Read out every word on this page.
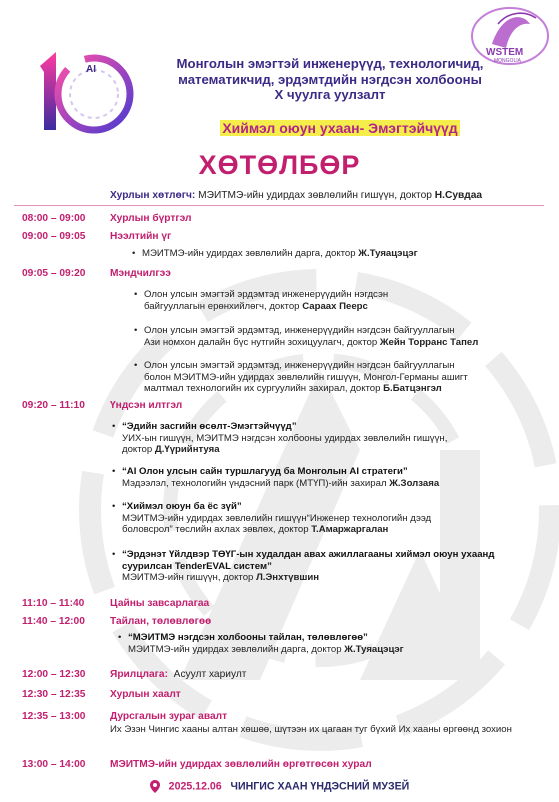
AI
WSTEM
MONGOLIA
Монголын эмэгтэй инженерүүд, технологичид,
математикчид, эрдэмтдийн нэгдсэн холбооны
X чуулга уулзалт
Хиймэл оюун ухаан- Эмэгтэйчүүд
ХӨТӨЛБӨР
Хурлын хөтлөгч: МЭИТМЭ-ийн удирдах зөвлөлийн гишүүн, доктор Н.Сувдаа
08:00 – 09:00 Хурлын бүртгэл
09:00 – 09:05 Нээлтийн үг
• МЭИТМЭ-ийн удирдах зөвлөлийн дарга, доктор Ж.Туяацэцэг
09:05 – 09:20 Мэндчилгээ
• Олон улсын эмэгтэй эрдэмтэд инженерүүдийн нэгдсэн
байгууллагын ерөнхийлөгч, доктор Сараах Пеерс
• Олон улсын эмэгтэй эрдэмтэд, инженерүүдийн нэгдсэн байгууллагын
Ази номхон далайн бүс нутгийн зохицуулагч, доктор Жейн Торранс Тапел
• Олон улсын эмэгтэй эрдэмтэд, инженерүүдийн нэгдсэн байгууллагын
болон МЭИТМЭ-ийн удирдах зөвлөлийн гишүүн, Монгол-Германы ашигт
малтмал технологийн их сургуулийн захирал, доктор Б.Батцэнгэл
09:20 – 11:10 Үндсэн илтгэл
• “Эдийн засгийн өсөлт-Эмэгтэйчүүд”
УИХ-ын гишүүн, МЭИТМЭ нэгдсэн холбооны удирдах зөвлөлийн гишүүн,
доктор Д.Үүрийнтуяа
• “AI Олон улсын сайн туршлагууд ба Монголын AI стратеги”
Мэдээлэл, технологийн үндэсний парк (МТҮП)-ийн захирал Ж.Золзаяа
• “Хиймэл оюун ба ёс зүй”
МЭИТМЭ-ийн удирдах зөвлөлийн гишүүн“Инженер технологийн дээд
боловсрол” төслийн ахлах зөвлөх, доктор Т.Амаржаргалан
• “Эрдэнэт Үйлдвэр ТӨҮГ-ын худалдан авах ажиллагааны хиймэл оюун ухаанд суурилсан TenderEVAL систем”
МЭИТМЭ-ийн гишүүн, доктор Л.Энхтүвшин
11:10 – 11:40	Цайны завсарлагаа
11:40 – 12:00 Тайлан, төлөвлөгөө
• “МЭИТМЭ нэгдсэн холбооны тайлан, төлөвлөгөө”
МЭИТМЭ-ийн удирдах зөвлөлийн дарга, доктор Ж.Туяацэцэг
12:00 – 12:30 Ярилцлага: Асуулт хариулт
12:30 – 12:35 Хурлын хаалт
12:35 – 13:00 Дурсгалын зураг авалт
Их Эзэн Чингис хааны алтан хөшөө, шүтээн их цагаан туг бүхий Их хааны өргөөнд зохион
13:00 – 14:00 МЭИТМЭ-ийн удирдах зөвлөлийн өргөтгөсөн хурал
2025.12.06 ЧИНГИС ХААН ҮНДЭСНИЙ МУЗЕЙ
